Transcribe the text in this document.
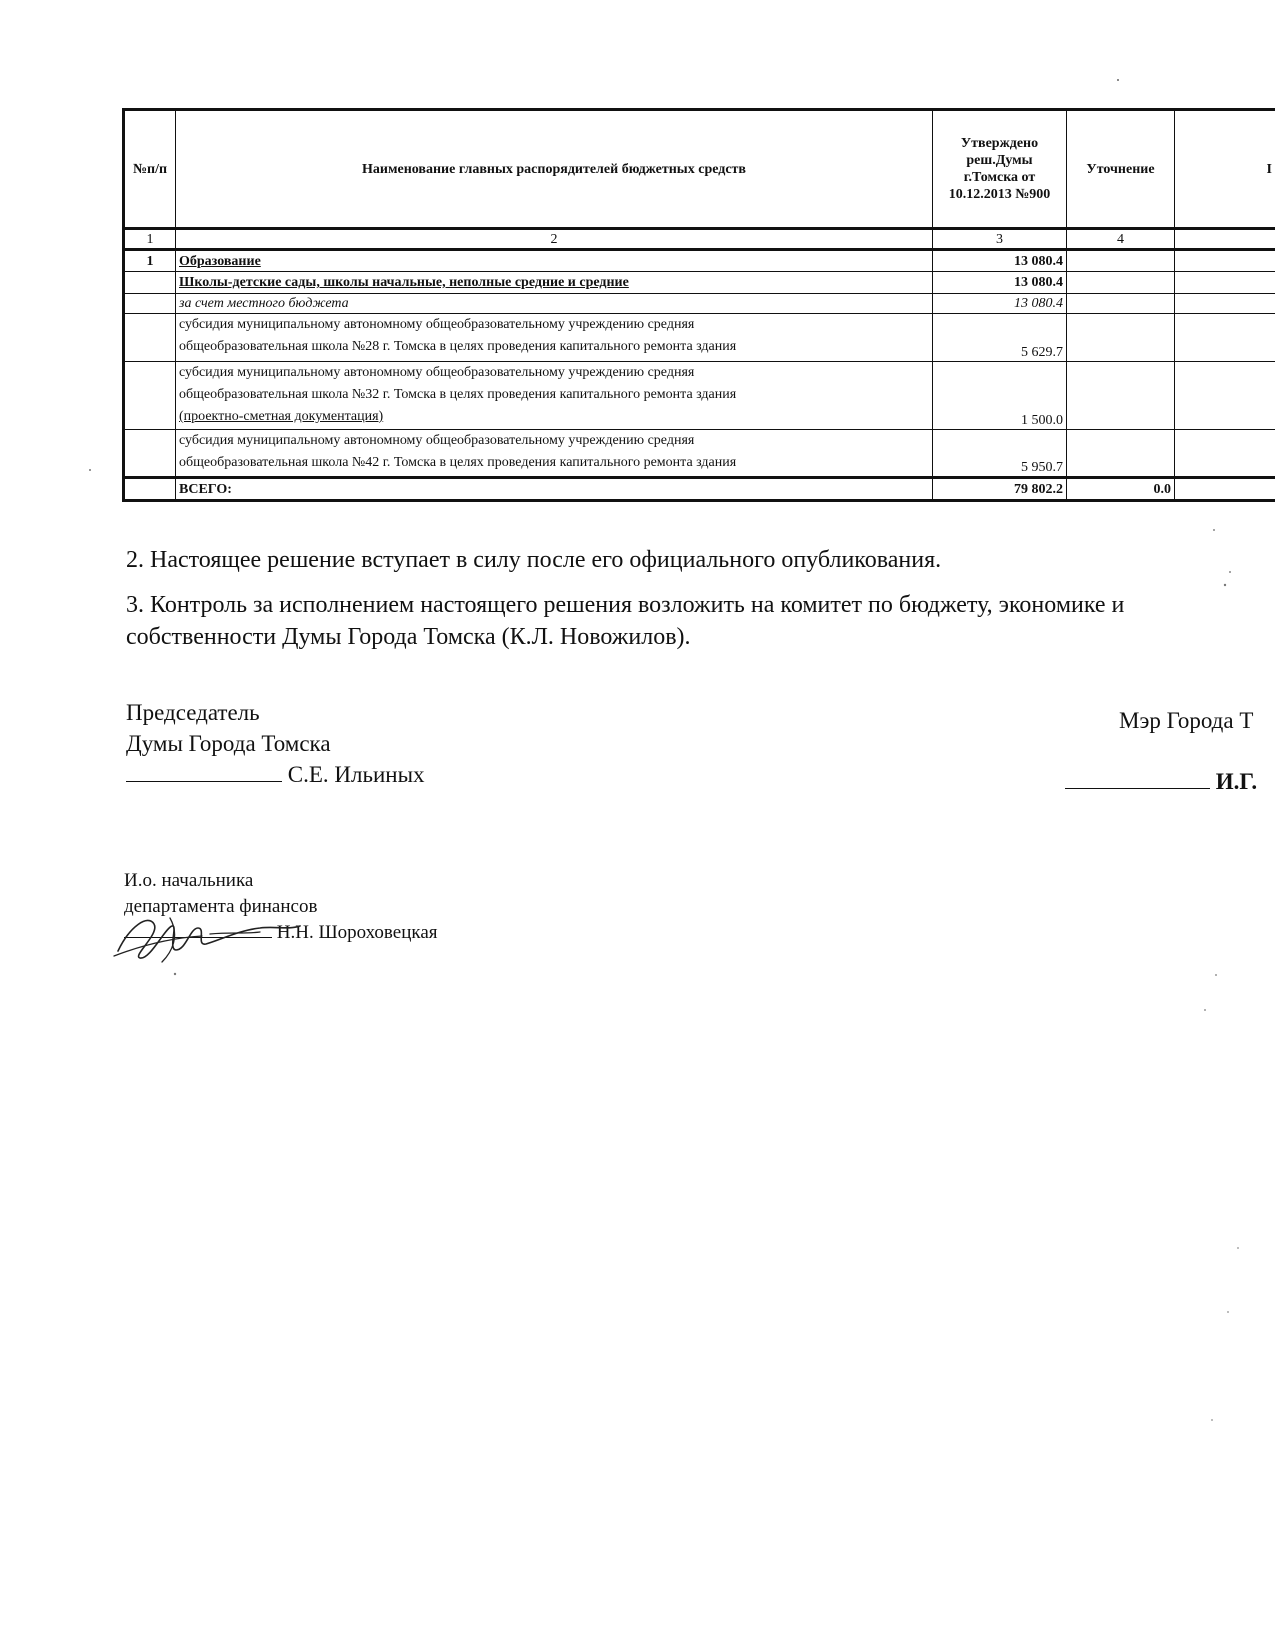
№п/п	Наименование главных распорядителей бюджетных средств	Утверждено
реш.Думы
г.Томска от
10.12.2013 №900	Уточнение	I
1	2	3	4	
1	Образование	13 080.4		
	Школы-детские сады, школы начальные, неполные средние и средние	13 080.4		
	за счет местного бюджета	13 080.4		

	субсидия муниципальному автономному общеобразовательному учреждению средняя
общеобразовательная школа №28 г. Томска в целях проведения капитального ремонта здания	5 629.7		

	субсидия муниципальному автономному общеобразовательному учреждению средняя
общеобразовательная школа №32 г. Томска в целях проведения капитального ремонта здания
(проектно-сметная документация)	1 500.0		

	субсидия муниципальному автономному общеобразовательному учреждению средняя
общеобразовательная школа №42 г. Томска в целях проведения капитального ремонта здания	5 950.7		
	ВСЕГО:	79 802.2	0.0	

2. Настоящее решение вступает в силу после его официального опубликования.

3. Контроль за исполнением настоящего решения возложить на комитет по бюджету, экономике и

собственности Думы Города Томска (К.Л. Новожилов).

Председатель
Думы Города Томска
С.Е. Ильиных
Мэр Города Т
И.Г.
И.о. начальника
департамента финансов
Н.Н. Шороховецкая
